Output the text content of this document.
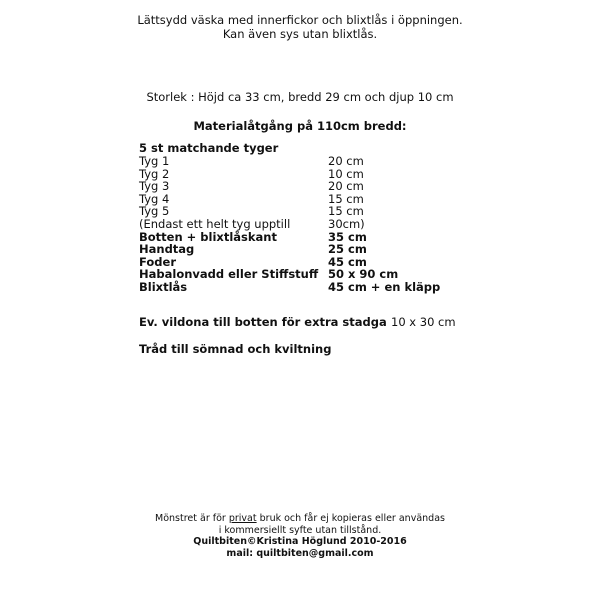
Lättsydd väska med innerfickor och blixtlås i öppningen.
Kan även sys utan blixtlås.
Storlek : Höjd ca 33 cm, bredd 29 cm och djup 10 cm
Materialåtgång på 110cm bredd:
5 st matchande tyger
Tyg 1	20 cm
Tyg 2	10 cm
Tyg 3	20 cm
Tyg 4	15 cm
Tyg 5	15 cm
(Endast ett helt tyg upptill	30cm)
Botten + blixtlåskant	35 cm
Handtag	25 cm
Foder	45 cm
Habalonvadd eller Stiffstuff 50 x 90 cm
Blixtlås	45 cm + en kläpp
Ev. vildona till botten för extra stadga 10 x 30 cm
Tråd till sömnad och kviltning
Mönstret är för privat bruk och får ej kopieras eller användas
i kommersiellt syfte utan tillstånd.
Quiltbiten©Kristina Höglund 2010-2016
mail: quiltbiten@gmail.com
